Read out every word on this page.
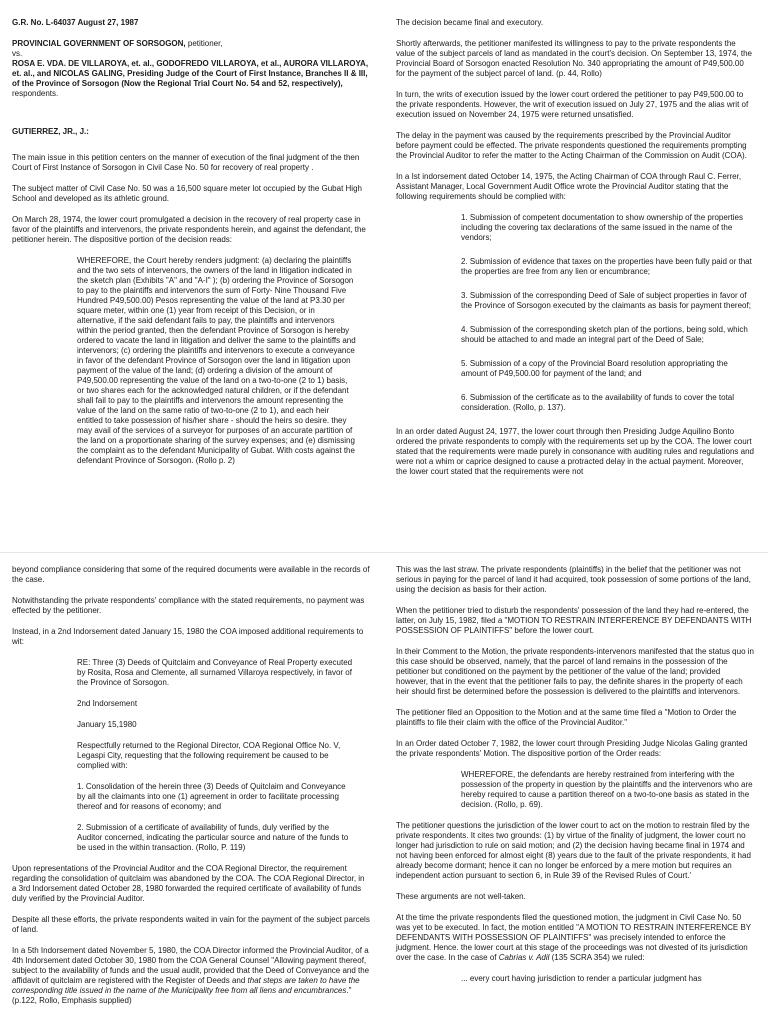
G.R. No. L-64037 August 27, 1987

PROVINCIAL GOVERNMENT OF SORSOGON, petitioner,
vs.
ROSA E. VDA. DE VILLAROYA, et. al., GODOFREDO VILLAROYA, et al., AURORA VILLAROYA, et. al., and NICOLAS GALING, Presiding Judge of the Court of First Instance, Branches II & III, of the Province of Sorsogon (Now the Regional Trial Court No. 54 and 52, respectively), respondents.

GUTIERREZ, JR., J.:

The main issue in this petition centers on the manner of execution of the final judgment of the then Court of First Instance of Sorsogon in Civil Case No. 50 for recovery of real property .

The subject matter of Civil Case No. 50 was a 16,500 square meter lot occupied by the Gubat High School and developed as its athletic ground.

On March 28, 1974, the lower court promulgated a decision in the recovery of real property case in favor of the plaintiffs and intervenors, the private respondents herein, and against the defendant, the petitioner herein. The dispositive portion of the decision reads:

WHEREFORE, the Court hereby renders judgment: (a) declaring the plaintiffs and the two sets of intervenors, the owners of the land in litigation indicated in the sketch plan (Exhibits "A" and "A-I" ); (b) ordering the Province of Sorsogon to pay to the plaintiffs and intervenors the sum of Forty- Nine Thousand Five Hundred P49,500.00) Pesos representing the value of the land at P3.30 per square meter, within one (1) year from receipt of this Decision, or in alternative, if the said defendant fails to pay, the plaintiffs and intervenors within the period granted, then the defendant Province of Sorsogon is hereby ordered to vacate the land in litigation and deliver the same to the plaintiffs and intervenors; (c) ordering the plaintiffs and intervenors to execute a conveyance in favor of the defendant Province of Sorsogon over the land in litigation upon payment of the value of the land; (d) ordering a division of the amount of P49,500.00 representing the value of the land on a two-to-one (2 to 1) basis, or two shares each for the acknowledged natural children, or if the defendant shall fail to pay to the plaintiffs and intervenors the amount representing the value of the land on the same ratio of two-to-one (2 to 1), and each heir entitled to take possession of his/her share - should the heirs so desire. they may avail of the services of a surveyor for purposes of an accurate partition of the land on a proportionate sharing of the survey expenses; and (e) dismissing the complaint as to the defendant Municipality of Gubat. With costs against the defendant Province of Sorsogon. (Rollo p. 2)

The decision became final and executory.

Shortly afterwards, the petitioner manifested its willingness to pay to the private respondents the value of the subject parcels of land as mandated in the court's decision. On September 13, 1974, the Provincial Board of Sorsogon enacted Resolution No. 340 appropriating the amount of P49,500.00 for the payment of the subject parcel of land. (p. 44, Rollo)

In turn, the writs of execution issued by the lower court ordered the petitioner to pay P49,500.00 to the private respondents. However, the writ of execution issued on July 27, 1975 and the alias writ of execution issued on November 24, 1975 were returned unsatisfied.

The delay in the payment was caused by the requirements prescribed by the Provincial Auditor before payment could be effected. The private respondents questioned the requirements prompting the Provincial Auditor to refer the matter to the Acting Chairman of the Commission on Audit (COA).

In a Ist indorsement dated October 14, 1975, the Acting Chairman of COA through Raul C. Ferrer, Assistant Manager, Local Government Audit Office wrote the Provincial Auditor stating that the following requirements should be complied with:

1. Submission of competent documentation to show ownership of the properties including the covering tax declarations of the same issued in the name of the vendors;

2. Submission of evidence that taxes on the properties have been fully paid or that the properties are free from any lien or encumbrance;

3. Submission of the corresponding Deed of Sale of subject properties in favor of the Province of Sorsogon executed by the claimants as basis for payment thereof;

4. Submission of the corresponding sketch plan of the portions, being sold, which should be attached to and made an integral part of the Deed of Sale;

5. Submission of a copy of the Provincial Board resolution appropriating the amount of P49,500.00 for payment of the land; and

6. Submission of the certificate as to the availability of funds to cover the total consideration. (Rollo, p. 137).

In an order dated August 24, 1977, the lower court through then Presiding Judge Aquilino Bonto ordered the private respondents to comply with the requirements set up by the COA. The lower court stated that the requirements were made purely in consonance with auditing rules and regulations and were not a whim or caprice designed to cause a protracted delay in the actual payment. Moreover, the lower court stated that the requirements were not

beyond compliance considering that some of the required documents were available in the records of the case.

Notwithstanding the private respondents' compliance with the stated requirements, no payment was effected by the petitioner.

Instead, in a 2nd Indorsement dated January 15, 1980 the COA imposed additional requirements to wit:

RE: Three (3) Deeds of Quitclaim and Conveyance of Real Property executed by Rosita, Rosa and Clemente, all surnamed Villaroya respectively, in favor of the Province of Sorsogon.

2nd Indorsement

January 15,1980

Respectfully returned to the Regional Director, COA Regional Office No. V, Legaspi City, requesting that the following requirement be caused to be complied with:

1. Consolidation of the herein three (3) Deeds of Quitclaim and Conveyance by all the claimants into one (1) agreement in order to facilitate processing thereof and for reasons of economy; and

2. Submission of a certificate of availability of funds, duly verified by the Auditor concerned, indicating the particular source and nature of the funds to be used in the within transaction. (Rollo, P. 119)

Upon representations of the Provincial Auditor and the COA Regional Director, the requirement regarding the consolidation of quitclaim was abandoned by the COA. The COA Regional Director, in a 3rd Indorsement dated October 28, 1980 forwarded the required certificate of availability of funds duly verified by the Provincial Auditor.

Despite all these efforts, the private respondents waited in vain for the payment of the subject parcels of land.

In a 5th Indorsement dated November 5, 1980, the COA Director informed the Provincial Auditor, of a 4th Indorsement dated October 30, 1980 from the COA General Counsel "Allowing payment thereof, subject to the availability of funds and the usual audit, provided that the Deed of Conveyance and the affidavit of quitclaim are registered with the Register of Deeds and that steps are taken to have the corresponding title issued in the name of the Municipality free from all liens and encumbrances." (p.122, Rollo, Emphasis supplied)

This was the last straw. The private respondents (plaintiffs) in the belief that the petitioner was not serious in paying for the parcel of land it had acquired, took possession of some portions of the land, using the decision as basis for their action.

When the petitioner tried to disturb the respondents' possession of the land they had re-entered, the latter, on July 15, 1982, filed a "MOTION TO RESTRAIN INTERFERENCE BY DEFENDANTS WITH POSSESSION OF PLAINTIFFS" before the lower court.

In their Comment to the Motion, the private respondents-intervenors manifested that the status quo in this case should be observed, namely, that the parcel of land remains in the possession of the petitioner but conditioned on the payment by the petitioner of the value of the land; provided however, that in the event that the petitioner fails to pay, the definite shares in the property of each heir should first be determined before the possession is delivered to the plaintiffs and intervenors.

The petitioner filed an Opposition to the Motion and at the same time filed a "Motion to Order the plaintiffs to file their claim with the office of the Provincial Auditor."

In an Order dated October 7, 1982, the lower court through Presiding Judge Nicolas Galing granted the private respondents' Motion. The dispositive portion of the Order reads:

WHEREFORE, the defendants are hereby restrained from interfering with the possession of the property in question by the plaintiffs and the intervenors who are hereby required to cause a partition thereof on a two-to-one basis as stated in the decision. (Rollo, p. 69).

The petitioner questions the jurisdiction of the lower court to act on the motion to restrain filed by the private respondents. It cites two grounds: (1) by virtue of the finality of judgment, the lower court no longer had jurisdiction to rule on said motion; and (2) the decision having became final in 1974 and not having been enforced for almost eight (8) years due to the fault of the private respondents, it had already become dormant; hence it can no longer be enforced by a mere motion but requires an independent action pursuant to section 6, in Rule 39 of the Revised Rules of Court.'

These arguments are not well-taken.

At the time the private respondents filed the questioned motion, the judgment in Civil Case No. 50 was yet to be executed. In fact, the motion entitled "A MOTION TO RESTRAIN INTERFERENCE BY DEFENDANTS WITH POSSESSION OF PLAINTIFFS" was precisely intended to enforce the judgment. Hence. the lower court at this stage of the proceedings was not divested of its jurisdiction over the case. In the case of Cabrias v. Adil (135 SCRA 354) we ruled:

... every court having jurisdiction to render a particular judgment has
